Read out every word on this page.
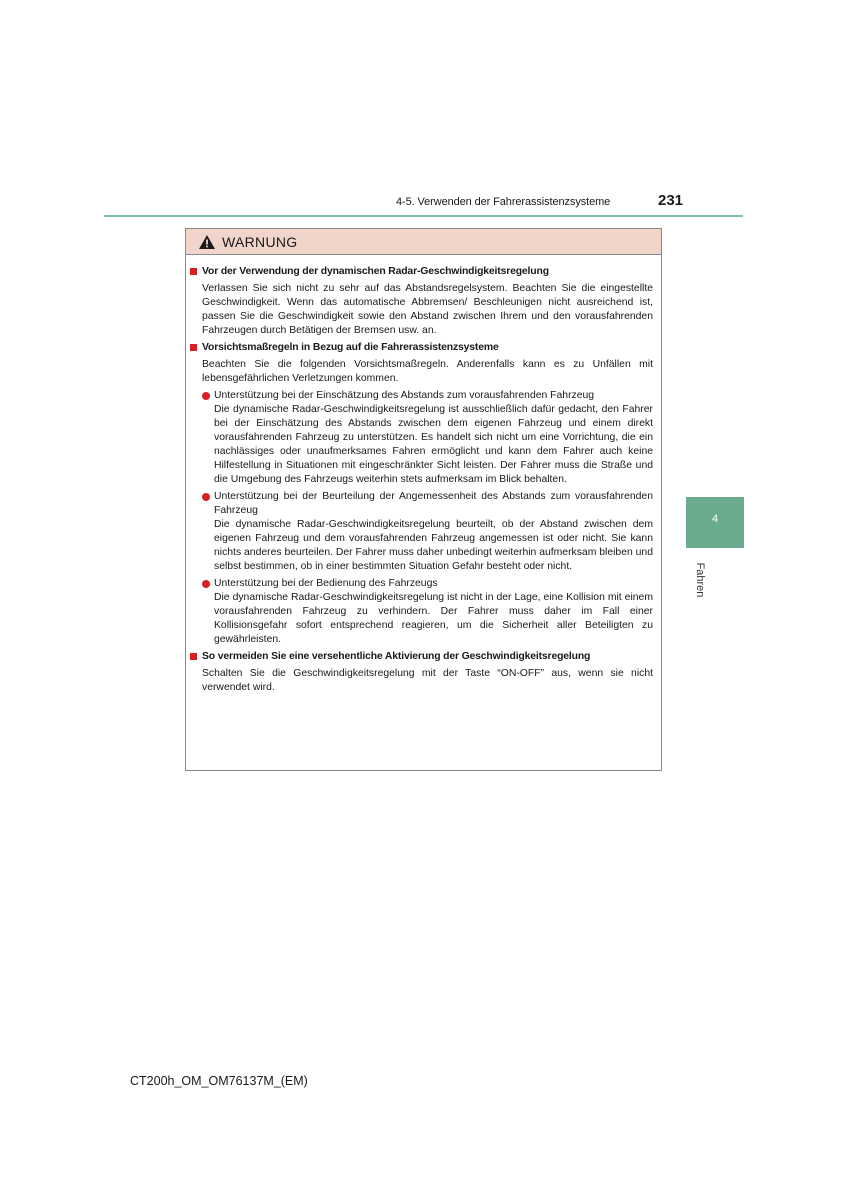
4-5. Verwenden der Fahrerassistenzsysteme	231
4
Fahren
WARNUNG
Vor der Verwendung der dynamischen Radar-Geschwindigkeitsregelung
Verlassen Sie sich nicht zu sehr auf das Abstandsregelsystem. Beachten Sie die eingestellte Geschwindigkeit. Wenn das automatische Abbremsen/ Beschleunigen nicht ausreichend ist, passen Sie die Geschwindigkeit sowie den Abstand zwischen Ihrem und den vorausfahrenden Fahrzeugen durch Betätigen der Bremsen usw. an.
Vorsichtsmaßregeln in Bezug auf die Fahrerassistenzsysteme
Beachten Sie die folgenden Vorsichtsmaßregeln. Anderenfalls kann es zu Unfällen mit lebensgefährlichen Verletzungen kommen.
Unterstützung bei der Einschätzung des Abstands zum vorausfahrenden Fahrzeug
Die dynamische Radar-Geschwindigkeitsregelung ist ausschließlich dafür gedacht, den Fahrer bei der Einschätzung des Abstands zwischen dem eigenen Fahrzeug und einem direkt vorausfahrenden Fahrzeug zu unterstützen. Es handelt sich nicht um eine Vorrichtung, die ein nachlässiges oder unaufmerksames Fahren ermöglicht und kann dem Fahrer auch keine Hilfestellung in Situationen mit eingeschränkter Sicht leisten. Der Fahrer muss die Straße und die Umgebung des Fahrzeugs weiterhin stets aufmerksam im Blick behalten.
Unterstützung bei der Beurteilung der Angemessenheit des Abstands zum vorausfahrenden Fahrzeug
Die dynamische Radar-Geschwindigkeitsregelung beurteilt, ob der Abstand zwischen dem eigenen Fahrzeug und dem vorausfahrenden Fahrzeug angemessen ist oder nicht. Sie kann nichts anderes beurteilen. Der Fahrer muss daher unbedingt weiterhin aufmerksam bleiben und selbst bestimmen, ob in einer bestimmten Situation Gefahr besteht oder nicht.
Unterstützung bei der Bedienung des Fahrzeugs
Die dynamische Radar-Geschwindigkeitsregelung ist nicht in der Lage, eine Kollision mit einem vorausfahrenden Fahrzeug zu verhindern. Der Fahrer muss daher im Fall einer Kollisionsgefahr sofort entsprechend reagieren, um die Sicherheit aller Beteiligten zu gewährleisten.
So vermeiden Sie eine versehentliche Aktivierung der Geschwindigkeitsregelung
Schalten Sie die Geschwindigkeitsregelung mit der Taste “ON-OFF” aus, wenn sie nicht verwendet wird.
CT200h_OM_OM76137M_(EM)
